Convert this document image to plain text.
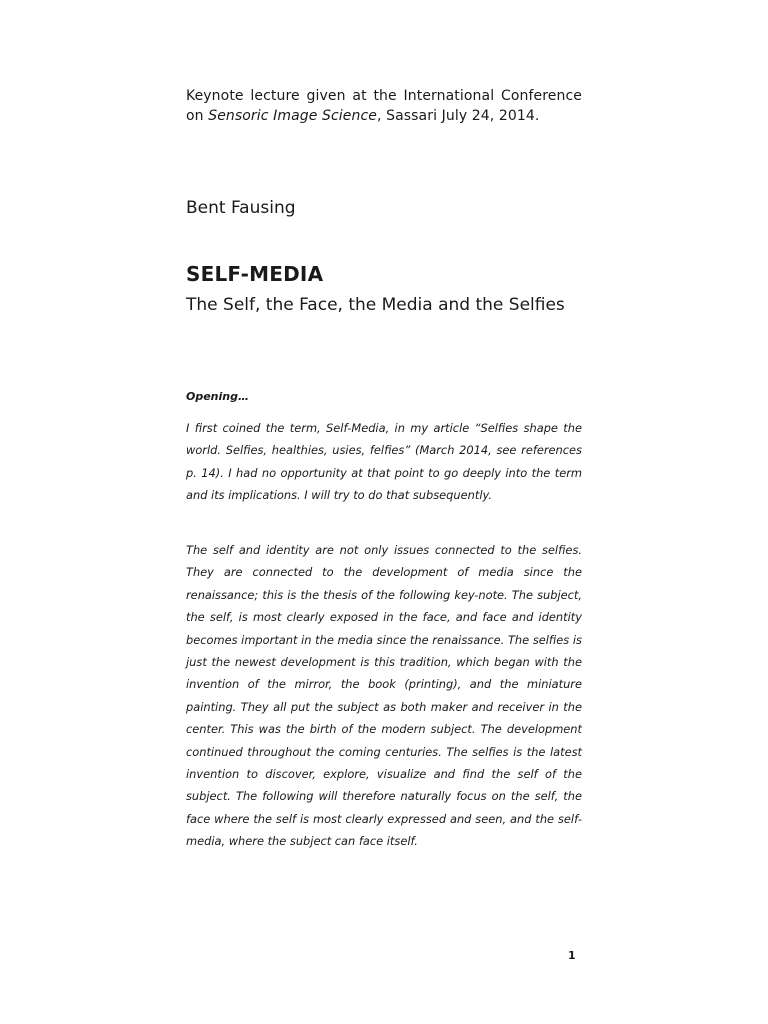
Keynote lecture given at the International Conference on Sensoric Image Science, Sassari July 24, 2014.

Bent Fausing
SELF-MEDIA
The Self, the Face, the Media and the Selfies
Opening…

I first coined the term, Self-Media, in my article “Selfies shape the world. Selfies, healthies, usies, felfies” (March 2014, see references p. 14). I had no opportunity at that point to go deeply into the term and its implications. I will try to do that subsequently.

The self and identity are not only issues connected to the selfies. They are connected to the development of media since the renaissance; this is the thesis of the following key-note. The subject, the self, is most clearly exposed in the face, and face and identity becomes important in the media since the renaissance. The selfies is just the newest development is this tradition, which began with the invention of the mirror, the book (printing), and the miniature painting. They all put the subject as both maker and receiver in the center. This was the birth of the modern subject. The development continued throughout the coming centuries. The selfies is the latest invention to discover, explore, visualize and find the self of the subject. The following will therefore naturally focus on the self, the face where the self is most clearly expressed and seen, and the self-media, where the subject can face itself.

1
